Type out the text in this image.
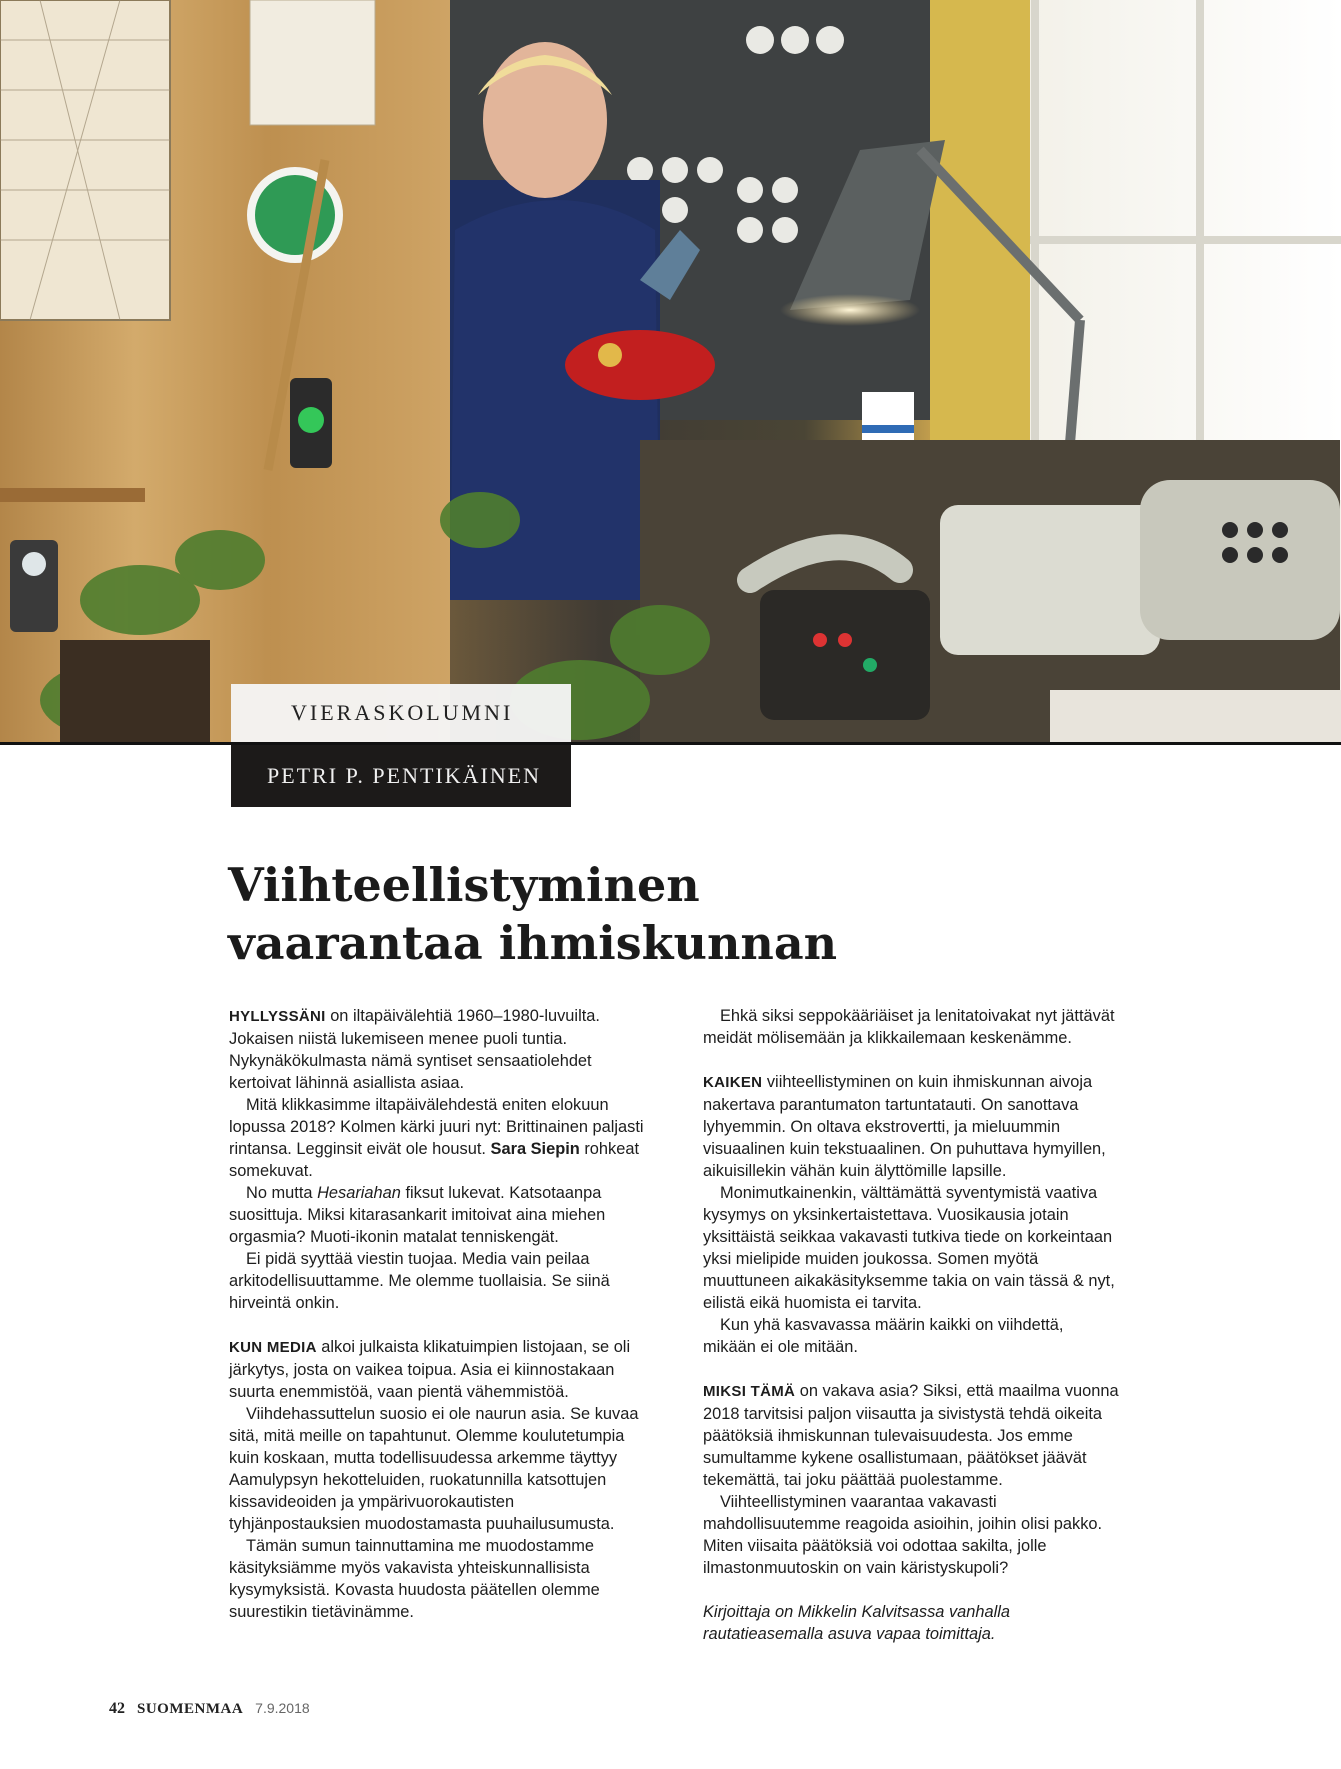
VIERASKOLUMNI
PETRI P. PENTIKÄINEN
Viihteellistyminen
vaarantaa ihmiskunnan

HYLLYSSÄNI on iltapäivälehtiä 1960–1980-luvuilta. Jokaisen niistä lukemiseen menee puoli tuntia. Nykynäkökulmasta nämä syntiset sensaatiolehdet kertoivat lähinnä asiallista asiaa.

Mitä klikkasimme iltapäivälehdestä eniten elokuun lopussa 2018? Kolmen kärki juuri nyt: Brittinainen paljasti rintansa. Legginsit eivät ole housut. Sara Siepin rohkeat somekuvat.

No mutta Hesariahan fiksut lukevat. Katsotaanpa suosittuja. Miksi kitarasankarit imitoivat aina miehen orgasmia? Muoti-ikonin matalat tenniskengät.

Ei pidä syyttää viestin tuojaa. Media vain peilaa arkitodellisuuttamme. Me olemme tuollaisia. Se siinä hirveintä onkin.

KUN MEDIA alkoi julkaista klikatuimpien listojaan, se oli järkytys, josta on vaikea toipua. Asia ei kiinnostakaan suurta enemmistöä, vaan pientä vähemmistöä.

Viihdehassuttelun suosio ei ole naurun asia. Se kuvaa sitä, mitä meille on tapahtunut. Olemme koulutetumpia kuin koskaan, mutta todellisuudessa arkemme täyttyy Aamulypsyn hekotteluiden, ruokatunnilla katsottujen kissavideoiden ja ympärivuorokautisten tyhjänpostauksien muodostamasta puuhailusumusta.

Tämän sumun tainnuttamina me muodostamme käsityksiämme myös vakavista yhteiskunnallisista kysymyksistä. Kovasta huudosta päätellen olemme suurestikin tietävinämme.

Ehkä siksi seppokääriäiset ja lenitatoivakat nyt jättävät meidät mölisemään ja klikkailemaan keskenämme.

KAIKEN viihteellistyminen on kuin ihmiskunnan aivoja nakertava parantumaton tartuntatauti. On sanottava lyhyemmin. On oltava ekstrovertti, ja mieluummin visuaalinen kuin tekstuaalinen. On puhuttava hymyillen, aikuisillekin vähän kuin älyttömille lapsille.

Monimutkainenkin, välttämättä syventymistä vaativa kysymys on yksinkertaistettava. Vuosikausia jotain yksittäistä seikkaa vakavasti tutkiva tiede on korkeintaan yksi mielipide muiden joukossa. Somen myötä muuttuneen aikakäsityksemme takia on vain tässä & nyt, eilistä eikä huomista ei tarvita.

Kun yhä kasvavassa määrin kaikki on viihdettä, mikään ei ole mitään.

MIKSI TÄMÄ on vakava asia? Siksi, että maailma vuonna 2018 tarvitsisi paljon viisautta ja sivistystä tehdä oikeita päätöksiä ihmiskunnan tulevaisuudesta. Jos emme sumultamme kykene osallistumaan, päätökset jäävät tekemättä, tai joku päättää puolestamme.

Viihteellistyminen vaarantaa vakavasti mahdollisuutemme reagoida asioihin, joihin olisi pakko. Miten viisaita päätöksiä voi odottaa sakilta, jolle ilmastonmuutoskin on vain käristyskupoli?

Kirjoittaja on Mikkelin Kalvitsassa vanhalla rautatieasemalla asuva vapaa toimittaja.

42 SUOMENMAA 7.9.2018
